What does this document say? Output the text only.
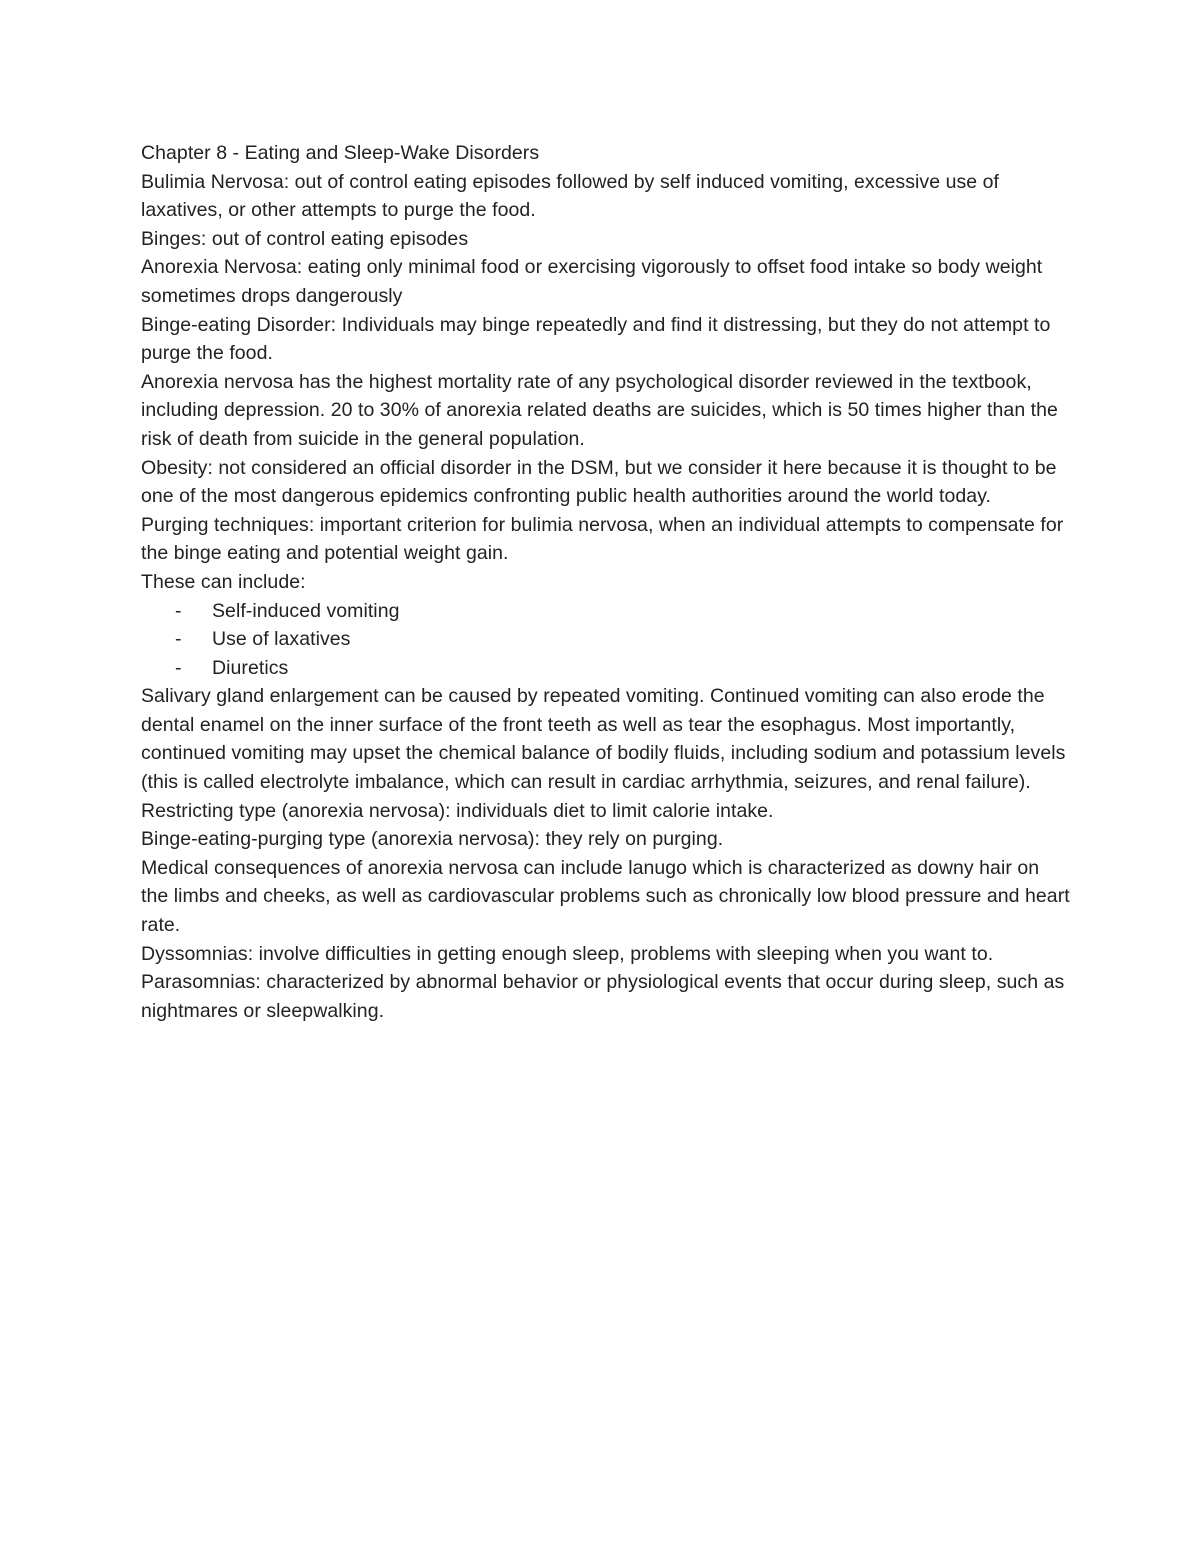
Chapter 8 - Eating and Sleep-Wake Disorders

Bulimia Nervosa: out of control eating episodes followed by self induced vomiting, excessive use of laxatives, or other attempts to purge the food.

Binges: out of control eating episodes

Anorexia Nervosa: eating only minimal food or exercising vigorously to offset food intake so body weight sometimes drops dangerously

Binge-eating Disorder: Individuals may binge repeatedly and find it distressing, but they do not attempt to purge the food.

Anorexia nervosa has the highest mortality rate of any psychological disorder reviewed in the textbook, including depression. 20 to 30% of anorexia related deaths are suicides, which is 50 times higher than the risk of death from suicide in the general population.

Obesity: not considered an official disorder in the DSM, but we consider it here because it is thought to be one of the most dangerous epidemics confronting public health authorities around the world today.

Purging techniques: important criterion for bulimia nervosa, when an individual attempts to compensate for the binge eating and potential weight gain.

These can include:

- Self-induced vomiting
- Use of laxatives
- Diuretics

Salivary gland enlargement can be caused by repeated vomiting. Continued vomiting can also erode the dental enamel on the inner surface of the front teeth as well as tear the esophagus. Most importantly, continued vomiting may upset the chemical balance of bodily fluids, including sodium and potassium levels (this is called electrolyte imbalance, which can result in cardiac arrhythmia, seizures, and renal failure).

Restricting type (anorexia nervosa): individuals diet to limit calorie intake.

Binge-eating-purging type (anorexia nervosa): they rely on purging.

Medical consequences of anorexia nervosa can include lanugo which is characterized as downy hair on the limbs and cheeks, as well as cardiovascular problems such as chronically low blood pressure and heart rate.

Dyssomnias: involve difficulties in getting enough sleep, problems with sleeping when you want to.

Parasomnias: characterized by abnormal behavior or physiological events that occur during sleep, such as nightmares or sleepwalking.
